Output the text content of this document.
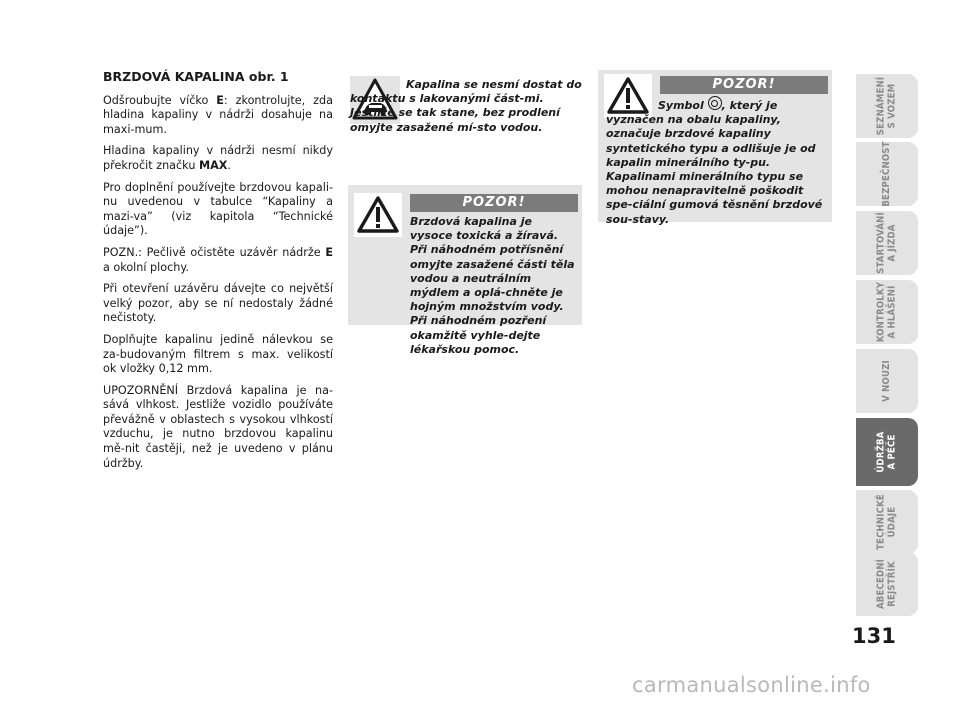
BRZDOVÁ KAPALINA obr. 1

Odšroubujte víčko E: zkontrolujte, zda hladina kapaliny v nádrži dosahuje na maxi-mum.

Hladina kapaliny v nádrži nesmí nikdy překročit značku MAX.

Pro doplnění používejte brzdovou kapali-nu uvedenou v tabulce “Kapaliny a mazi-va” (viz kapitola “Technické údaje”).

POZN.: Pečlivě očistěte uzávěr nádrže E a okolní plochy.

Při otevření uzávěru dávejte co největší velký pozor, aby se ní nedostaly žádné nečistoty.

Doplňujte kapalinu jedině nálevkou se za-budovaným filtrem s max. velikostí ok vložky 0,12 mm.

UPOZORNĚNÍ Brzdová kapalina je na-sává vlhkost. Jestliže vozidlo používáte převážně v oblastech s vysokou vlhkostí vzduchu, je nutno brzdovou kapalinu mě-nit častěji, než je uvedeno v plánu údržby.

Kapalina se nesmí dostat do kontaktu s lakovanými část-mi. Jestliže se tak stane, bez prodlení omyjte zasažené mí-sto vodou.
POZOR!
Brzdová kapalina je vysoce toxická a žíravá. Při náhodném potřísnění omyjte zasažené části těla vodou a neutrálním mýdlem a oplá-chněte je hojným množstvím vody. Při náhodném pozření okamžitě vyhle-dejte lékařskou pomoc.
POZOR!
Symbol
, který je vyznačen na obalu kapaliny, označuje brzdové kapaliny syntetického typu a odlišuje je od kapalin minerálního ty-pu. Kapalinami minerálního typu se mohou nenapravitelně poškodit spe-ciální gumová těsnění brzdové sou-stavy.
SEZNÁMENÍ
S VOZEM
BEZPEČNOST
STARTOVÁNÍ
A JÍZDA
KONTROLKY
A HLÁŠENÍ
V NOUZI
ÚDRŽBA
A PÉČE
TECHNICKÉ
ÚDAJE
ABECEDNÍ
REJSTŘÍK
131
carmanualsonline.info
